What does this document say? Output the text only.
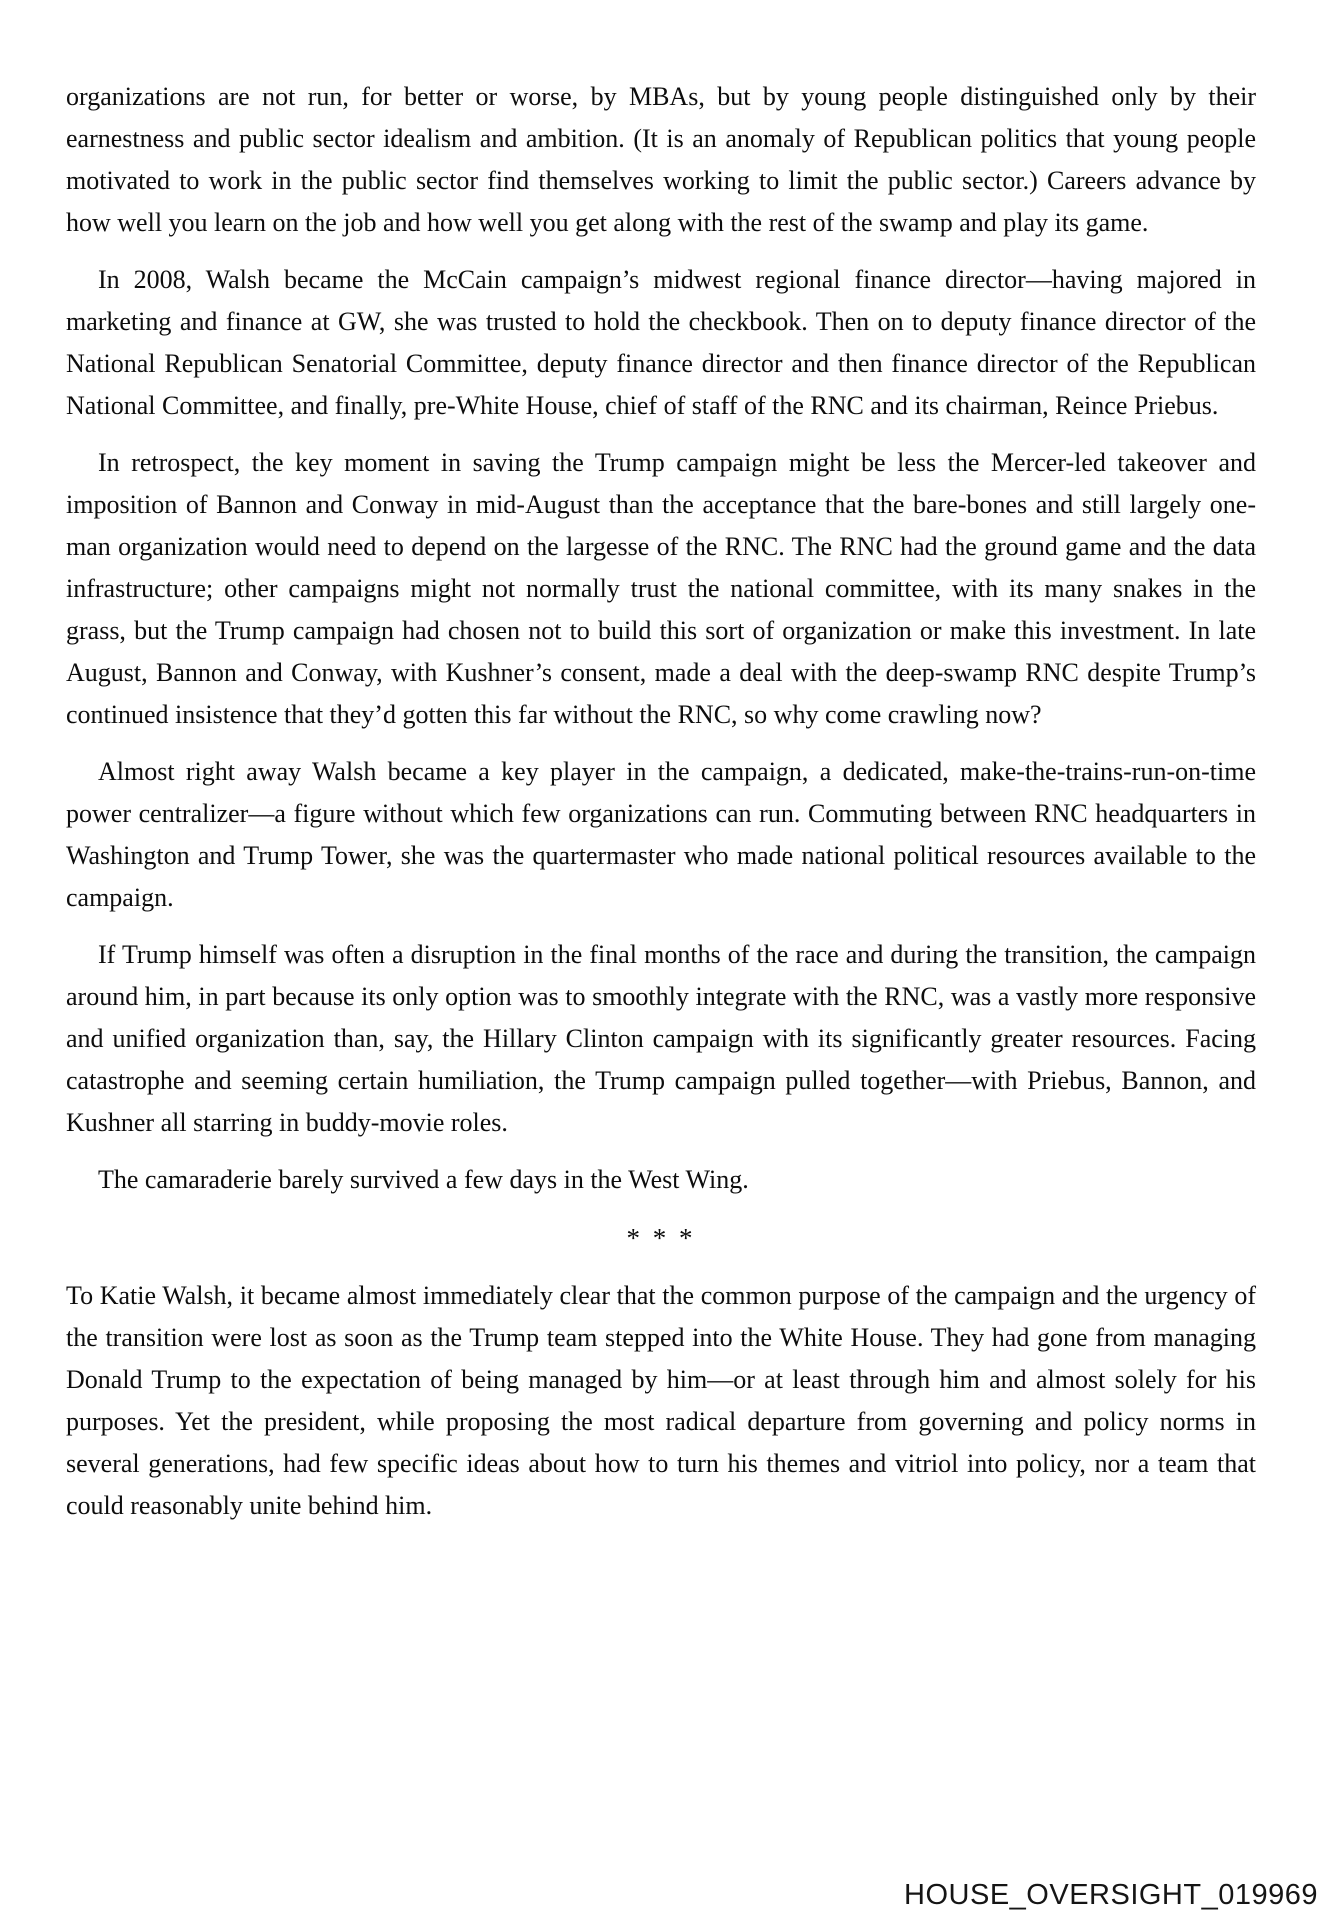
organizations are not run, for better or worse, by MBAs, but by young people distinguished only by their earnestness and public sector idealism and ambition. (It is an anomaly of Republican politics that young people motivated to work in the public sector find themselves working to limit the public sector.) Careers advance by how well you learn on the job and how well you get along with the rest of the swamp and play its game.

In 2008, Walsh became the McCain campaign’s midwest regional finance director—having majored in marketing and finance at GW, she was trusted to hold the checkbook. Then on to deputy finance director of the National Republican Senatorial Committee, deputy finance director and then finance director of the Republican National Committee, and finally, pre-White House, chief of staff of the RNC and its chairman, Reince Priebus.

In retrospect, the key moment in saving the Trump campaign might be less the Mercer-led takeover and imposition of Bannon and Conway in mid-August than the acceptance that the bare-bones and still largely one-man organization would need to depend on the largesse of the RNC. The RNC had the ground game and the data infrastructure; other campaigns might not normally trust the national committee, with its many snakes in the grass, but the Trump campaign had chosen not to build this sort of organization or make this investment. In late August, Bannon and Conway, with Kushner’s consent, made a deal with the deep-swamp RNC despite Trump’s continued insistence that they’d gotten this far without the RNC, so why come crawling now?

Almost right away Walsh became a key player in the campaign, a dedicated, make-the-trains-run-on-time power centralizer—a figure without which few organizations can run. Commuting between RNC headquarters in Washington and Trump Tower, she was the quartermaster who made national political resources available to the campaign.

If Trump himself was often a disruption in the final months of the race and during the transition, the campaign around him, in part because its only option was to smoothly integrate with the RNC, was a vastly more responsive and unified organization than, say, the Hillary Clinton campaign with its significantly greater resources. Facing catastrophe and seeming certain humiliation, the Trump campaign pulled together—with Priebus, Bannon, and Kushner all starring in buddy-movie roles.

The camaraderie barely survived a few days in the West Wing.

* * *

To Katie Walsh, it became almost immediately clear that the common purpose of the campaign and the urgency of the transition were lost as soon as the Trump team stepped into the White House. They had gone from managing Donald Trump to the expectation of being managed by him—or at least through him and almost solely for his purposes. Yet the president, while proposing the most radical departure from governing and policy norms in several generations, had few specific ideas about how to turn his themes and vitriol into policy, nor a team that could reasonably unite behind him.

HOUSE_OVERSIGHT_019969
